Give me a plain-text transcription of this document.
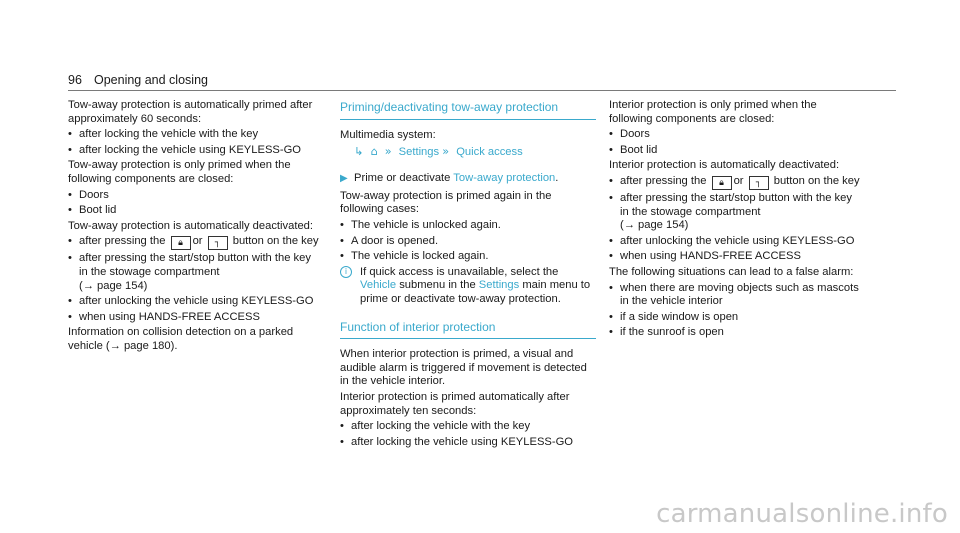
96 Opening and closing

Tow-away protection is automatically primed after approximately 60 seconds:

• after locking the vehicle with the key
• after locking the vehicle using KEYLESS-GO

Tow-away protection is only primed when the following components are closed:

• Doors
• Boot lid

Tow-away protection is automatically deactivated:

• after pressing the 🔒︎ or ┐ button on the key
• after pressing the start/stop button with the key in the stowage compartment
(→ page 154)
• after unlocking the vehicle using KEYLESS-GO
• when using HANDS-FREE ACCESS

Information on collision detection on a parked vehicle (→ page 180).

Priming/deactivating tow-away protection

Multimedia system:

↳ ⌂ » Settings » Quick access
▶ Prime or deactivate Tow-away protection.

Tow-away protection is primed again in the following cases:

• The vehicle is unlocked again.
• A door is opened.
• The vehicle is locked again.
i	If quick access is unavailable, select the Vehicle submenu in the Settings main menu to prime or deactivate tow-away protection.
Function of interior protection

When interior protection is primed, a visual and audible alarm is triggered if movement is detected in the vehicle interior.

Interior protection is primed automatically after approximately ten seconds:

• after locking the vehicle with the key
• after locking the vehicle using KEYLESS-GO

Interior protection is only primed when the following components are closed:

• Doors
• Boot lid

Interior protection is automatically deactivated:

• after pressing the 🔒︎ or ┐ button on the key
• after pressing the start/stop button with the key in the stowage compartment
(→ page 154)
• after unlocking the vehicle using KEYLESS-GO
• when using HANDS-FREE ACCESS

The following situations can lead to a false alarm:

• when there are moving objects such as mascots in the vehicle interior
• if a side window is open
• if the sunroof is open
carmanualsonline.info
